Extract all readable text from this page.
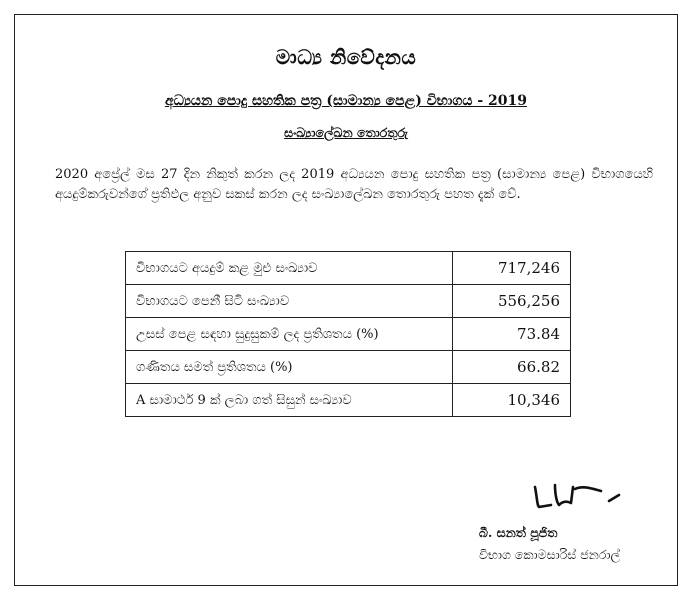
මාධ්‍ය නිවේදනය
අධ්‍යයන පොදු සහතික පත්‍ර (සාමාන්‍ය පෙළ) විභාගය - 2019
සංඛ්‍යාලේඛන තොරතුරු
2020 අප්‍රේල් මස 27 දින නිකුත් කරන ලද 2019 අධ්‍යයන පොදු සහතික පත්‍ර (සාමාන්‍ය පෙළ) විභාගයෙහි අයදුම්කරුවන්ගේ ප්‍රතිඵල අනුව සකස් කරන ලද සංඛ්‍යාලේඛන තොරතුරු පහත දැක් වේ.
විභාගයට අයදුම් කළ මුළු සංඛ්‍යාව	717,246
විභාගයට පෙනී සිටි සංඛ්‍යාව	556,256
උසස් පෙළ සඳහා සුදුසුකම් ලද ප්‍රතිශතය (%)	73.84
ගණිතය සමත් ප්‍රතිශතය (%)	66.82
A සාමාර්ථ 9 ක් ලබා ගත් සිසුන් සංඛ්‍යාව	10,346
බී. සනත් පූජිත
විභාග කොමසාරිස් ජනරාල්
